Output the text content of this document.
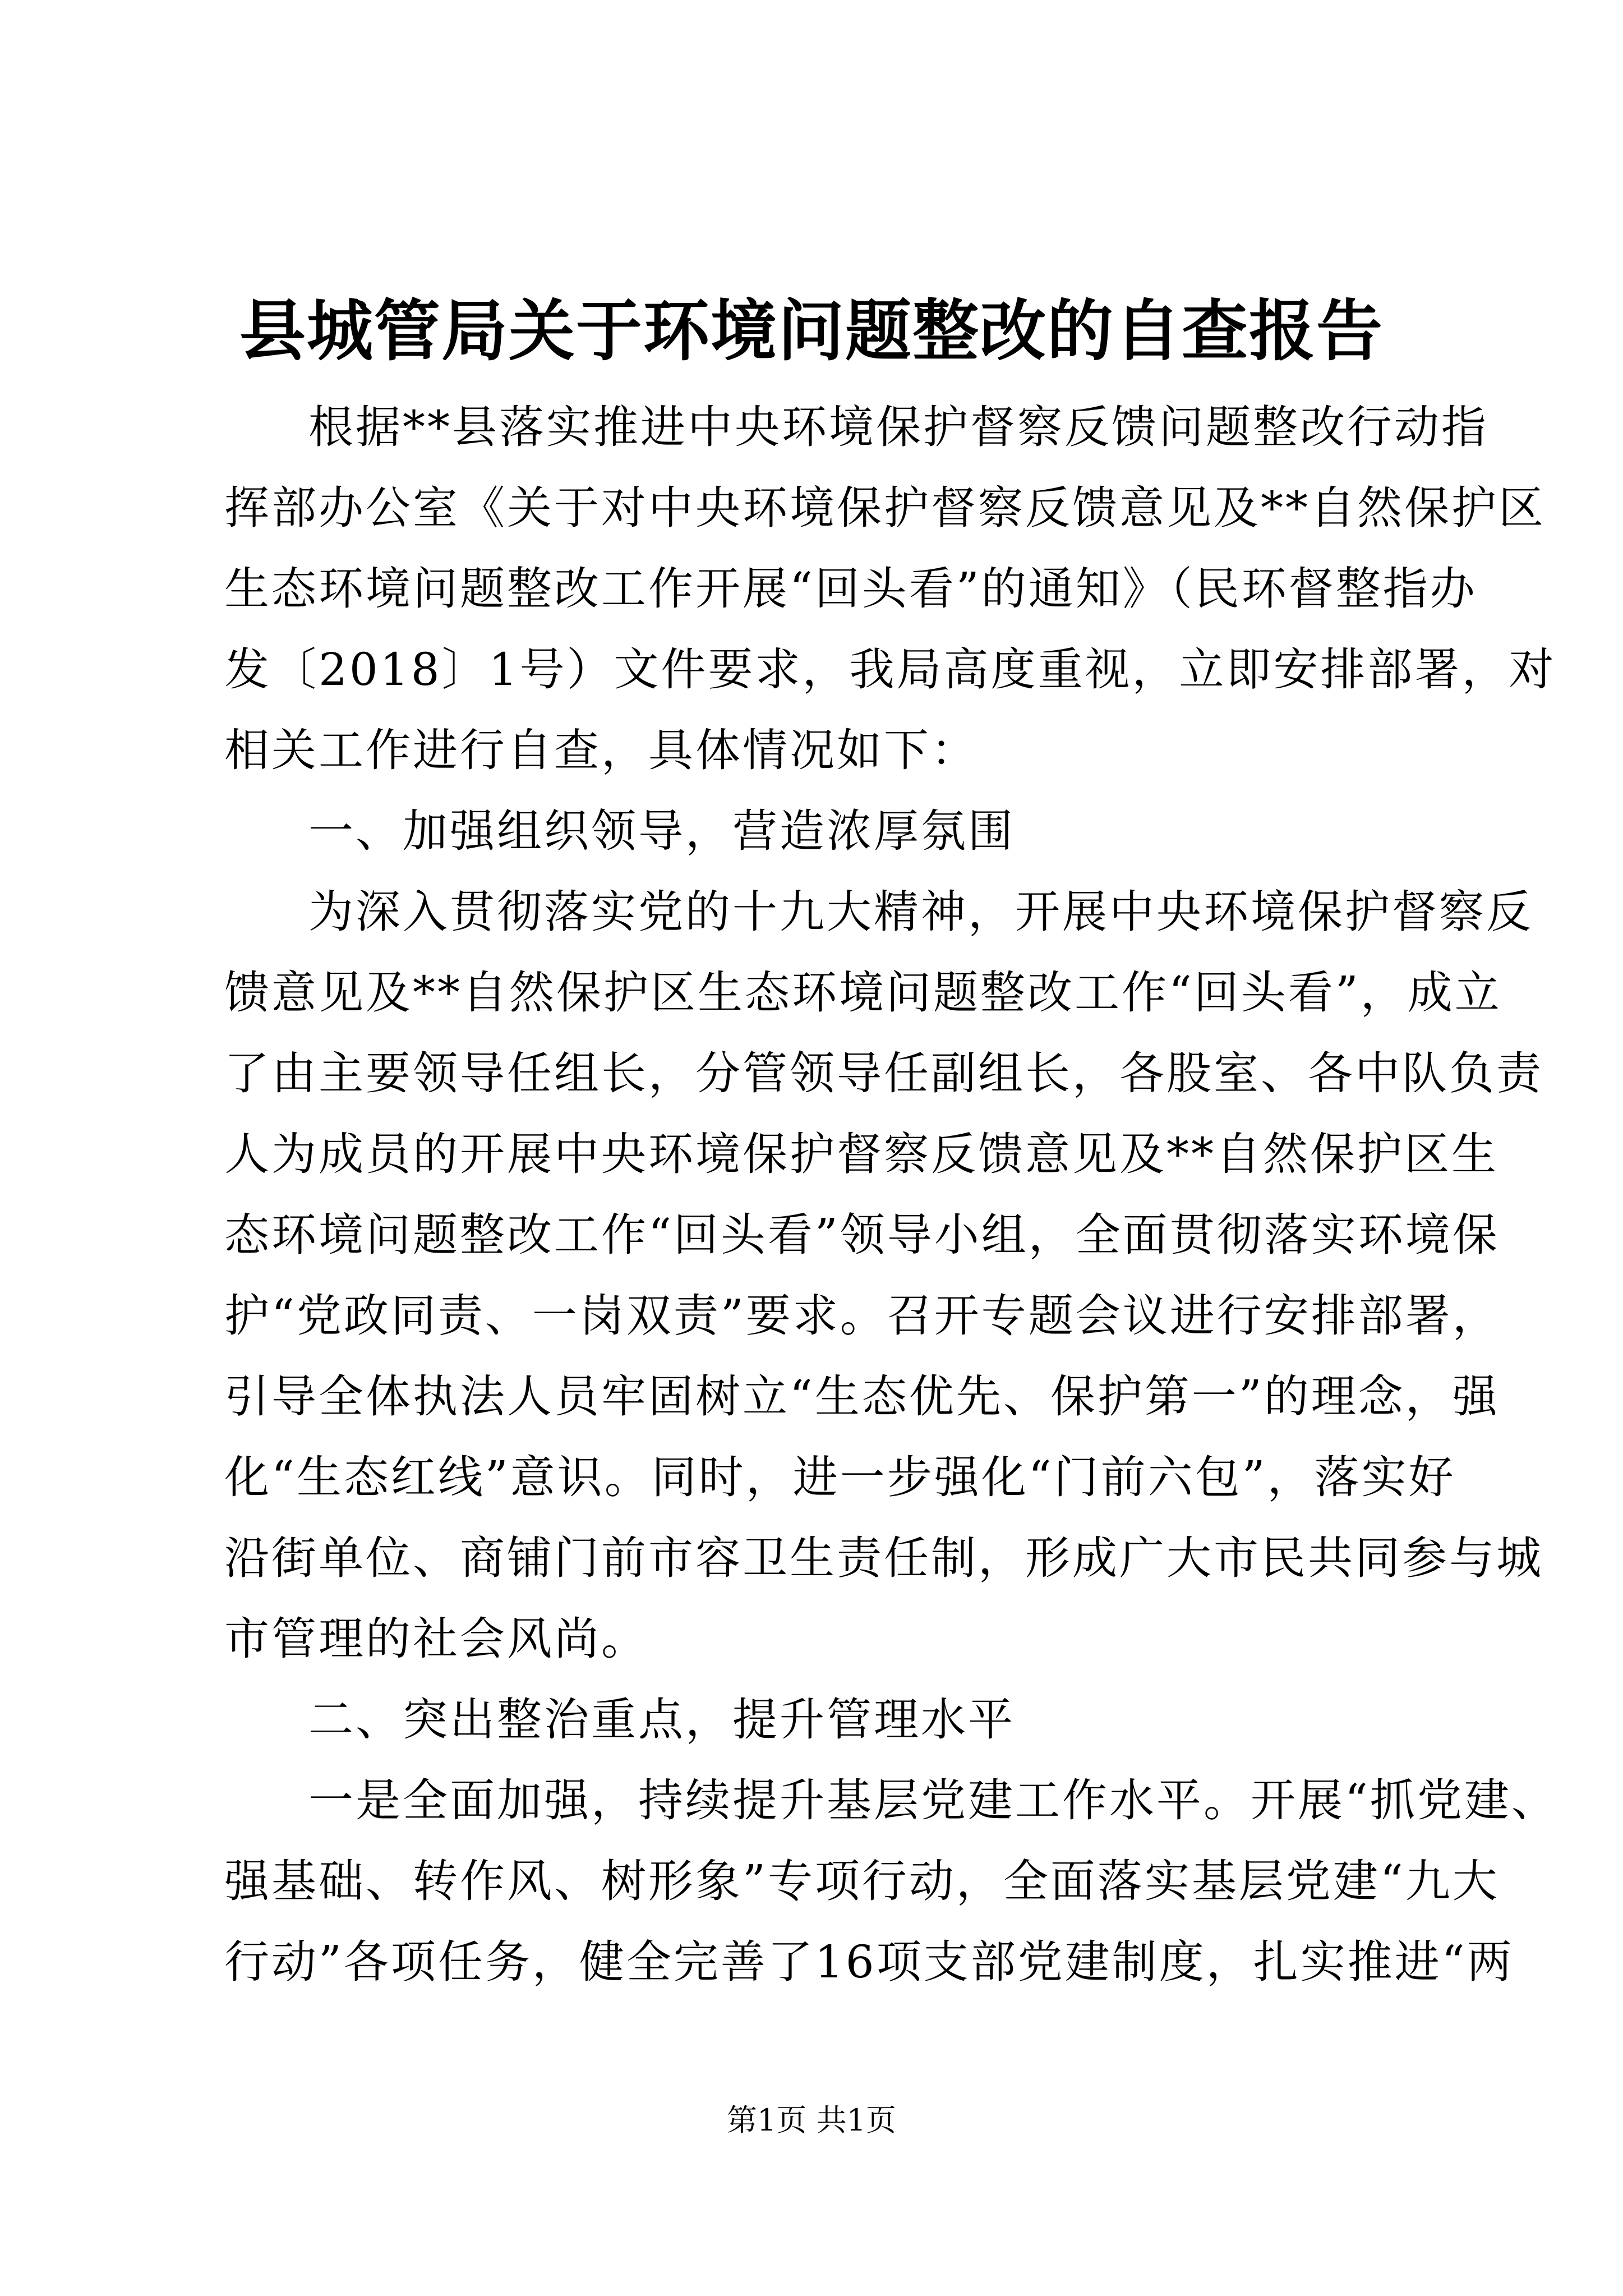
县城管局关于环境问题整改的自查报告
根据**县落实推进中央环境保护督察反馈问题整改行动指
挥部办公室《关于对中央环境保护督察反馈意见及**自然保护区
生态环境问题整改工作开展“回头看”的通知》（民环督整指办
发〔2018〕1号）文件要求，我局高度重视，立即安排部署，对
相关工作进行自查，具体情况如下：
一、加强组织领导，营造浓厚氛围
为深入贯彻落实党的十九大精神，开展中央环境保护督察反
馈意见及**自然保护区生态环境问题整改工作“回头看”，成立
了由主要领导任组长，分管领导任副组长，各股室、各中队负责
人为成员的开展中央环境保护督察反馈意见及**自然保护区生
态环境问题整改工作“回头看”领导小组，全面贯彻落实环境保
护“党政同责、一岗双责”要求。召开专题会议进行安排部署，
引导全体执法人员牢固树立“生态优先、保护第一”的理念，强
化“生态红线”意识。同时，进一步强化“门前六包”，落实好
沿街单位、商铺门前市容卫生责任制，形成广大市民共同参与城
市管理的社会风尚。
二、突出整治重点，提升管理水平
一是全面加强，持续提升基层党建工作水平。开展“抓党建、
强基础、转作风、树形象”专项行动，全面落实基层党建“九大
行动”各项任务，健全完善了16项支部党建制度，扎实推进“两
第1页 共1页
